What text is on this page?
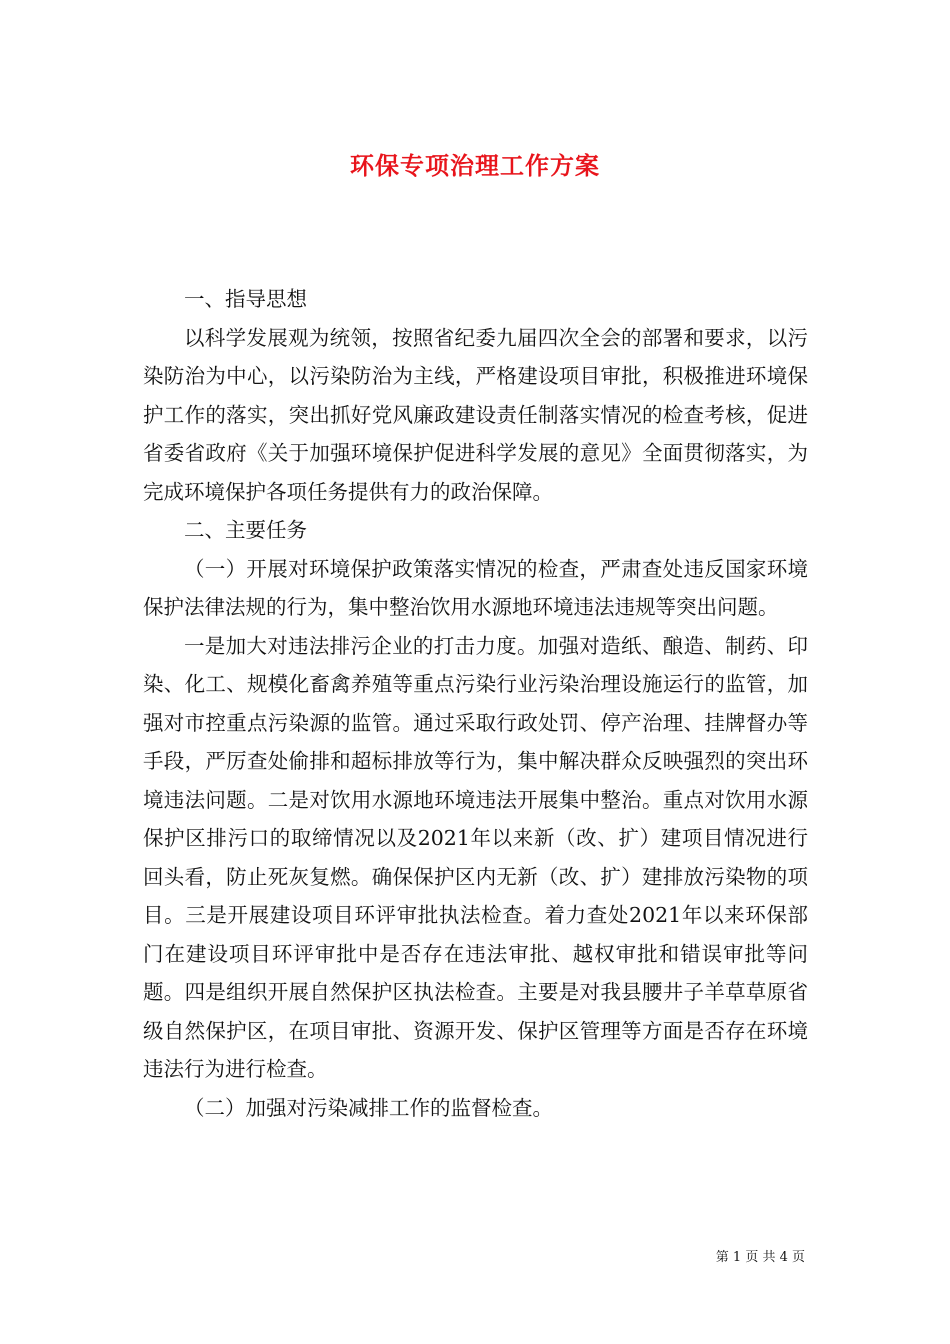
环保专项治理工作方案

一、指导思想

以科学发展观为统领，按照省纪委九届四次全会的部署和要求，以污染防治为中心，以污染防治为主线，严格建设项目审批，积极推进环境保护工作的落实，突出抓好党风廉政建设责任制落实情况的检查考核，促进省委省政府《关于加强环境保护促进科学发展的意见》全面贯彻落实，为完成环境保护各项任务提供有力的政治保障。

二、主要任务

（一）开展对环境保护政策落实情况的检查，严肃查处违反国家环境保护法律法规的行为，集中整治饮用水源地环境违法违规等突出问题。

一是加大对违法排污企业的打击力度。加强对造纸、酿造、制药、印染、化工、规模化畜禽养殖等重点污染行业污染治理设施运行的监管，加强对市控重点污染源的监管。通过采取行政处罚、停产治理、挂牌督办等手段，严厉查处偷排和超标排放等行为，集中解决群众反映强烈的突出环境违法问题。二是对饮用水源地环境违法开展集中整治。重点对饮用水源保护区排污口的取缔情况以及2021年以来新（改、扩）建项目情况进行回头看，防止死灰复燃。确保保护区内无新（改、扩）建排放污染物的项目。三是开展建设项目环评审批执法检查。着力查处2021年以来环保部门在建设项目环评审批中是否存在违法审批、越权审批和错误审批等问题。四是组织开展自然保护区执法检查。主要是对我县腰井子羊草草原省级自然保护区，在项目审批、资源开发、保护区管理等方面是否存在环境违法行为进行检查。

（二）加强对污染减排工作的监督检查。

第 1 页 共 4 页
